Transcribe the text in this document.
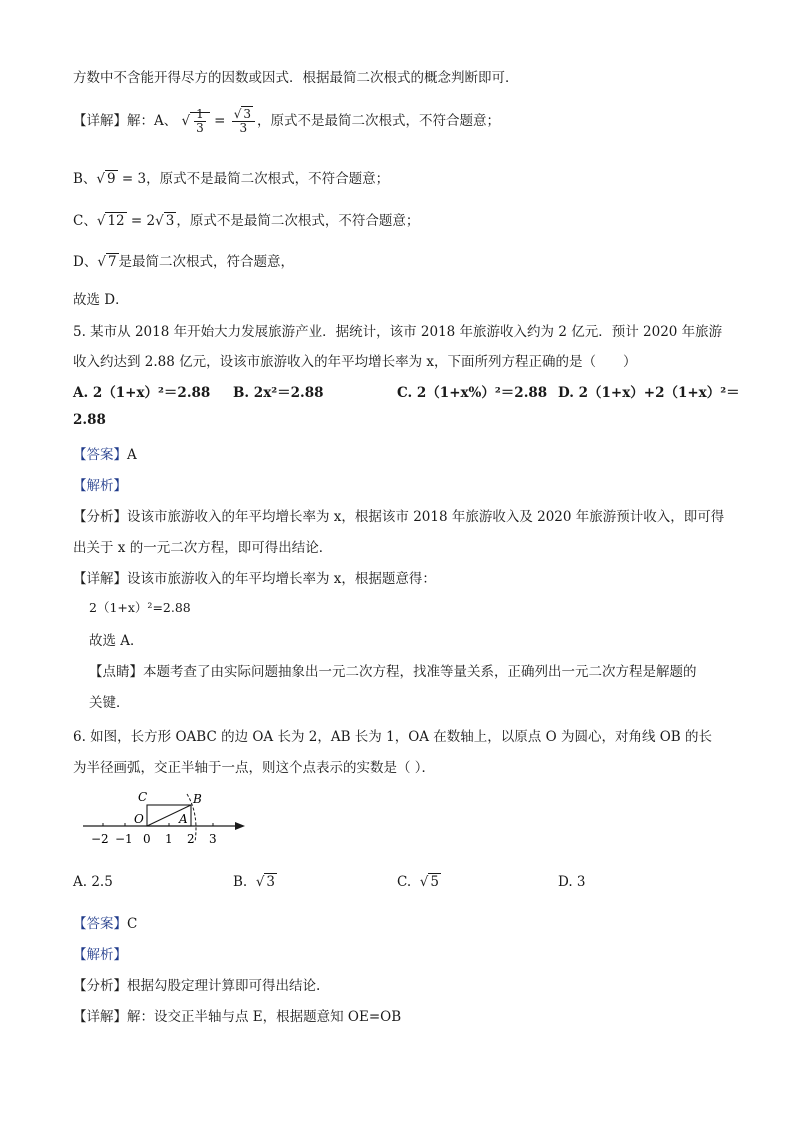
方数中不含能开得尽方的因数或因式．根据最简二次根式的概念判断即可．
【详解】解：A、 √ $\frac{1}{3} = \frac{√ 3}{3}$ ，原式不是最简二次根式，不符合题意；
B、√ 9 = 3，原式不是最简二次根式，不符合题意；
C、√ 12 = 2√ 3 ，原式不是最简二次根式，不符合题意；
D、√ 7 是最简二次根式，符合题意，
故选 D．
5. 某市从 2018 年开始大力发展旅游产业．据统计，该市 2018 年旅游收入约为 2 亿元．预计 2020 年旅游
收入约达到 2.88 亿元，设该市旅游收入的年平均增长率为 x，下面所列方程正确的是（　　）
A. 2（1+x）²＝2.88 B. 2x²＝2.88	C. 2（1+x%）²＝2.88 D. 2（1+x）+2（1+x）²＝
2.88
【答案】A
【解析】
【分析】设该市旅游收入的年平均增长率为 x，根据该市 2018 年旅游收入及 2020 年旅游预计收入，即可得
出关于 x 的一元二次方程，即可得出结论．
【详解】设该市旅游收入的年平均增长率为 x，根据题意得：
2（1+x）²=2.88
故选 A．
【点睛】本题考查了由实际问题抽象出一元二次方程，找准等量关系，正确列出一元二次方程是解题的
关键．
6. 如图，长方形 OABC 的边 OA 长为 2，AB 长为 1，OA 在数轴上，以原点 O 为圆心，对角线 OB 的长
为半径画弧，交正半轴于一点，则这个点表示的实数是（ ）．
C	B
O	A
−2 −1 0 1 2 3
A. 2.5	B. √ 3	C. √ 5	D. 3
【答案】C
【解析】
【分析】根据勾股定理计算即可得出结论.
【详解】解：设交正半轴与点 E，根据题意知 OE=OB
